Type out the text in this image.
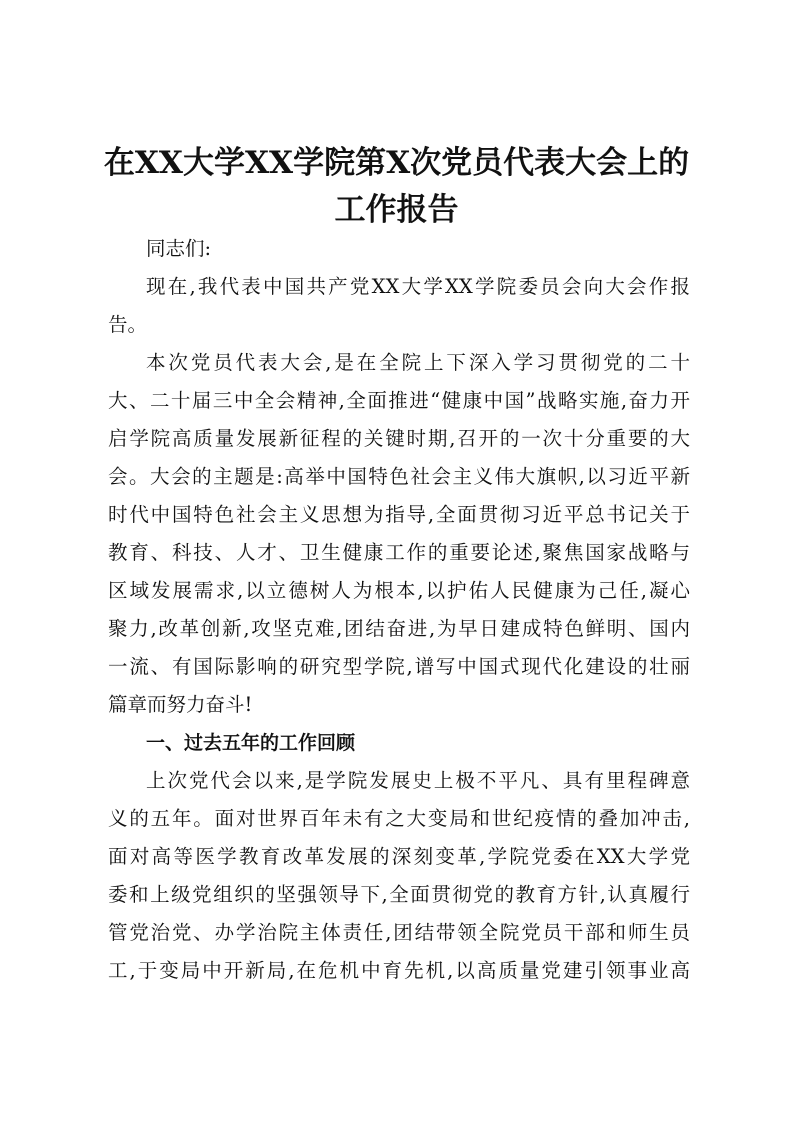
在XX大学XX学院第X次党员代表大会上的
工作报告
同志们:
现在,我代表中国共产党XX大学XX学院委员会向大会作报
告。
本次党员代表大会,是在全院上下深入学习贯彻党的二十
大、二十届三中全会精神,全面推进“健康中国”战略实施,奋力开
启学院高质量发展新征程的关键时期,召开的一次十分重要的大
会。大会的主题是:高举中国特色社会主义伟大旗帜,以习近平新
时代中国特色社会主义思想为指导,全面贯彻习近平总书记关于
教育、科技、人才、卫生健康工作的重要论述,聚焦国家战略与
区域发展需求,以立德树人为根本,以护佑人民健康为己任,凝心
聚力,改革创新,攻坚克难,团结奋进,为早日建成特色鲜明、国内
一流、有国际影响的研究型学院,谱写中国式现代化建设的壮丽
篇章而努力奋斗!
一、过去五年的工作回顾
上次党代会以来,是学院发展史上极不平凡、具有里程碑意
义的五年。面对世界百年未有之大变局和世纪疫情的叠加冲击,
面对高等医学教育改革发展的深刻变革,学院党委在XX大学党
委和上级党组织的坚强领导下,全面贯彻党的教育方针,认真履行
管党治党、办学治院主体责任,团结带领全院党员干部和师生员
工,于变局中开新局,在危机中育先机,以高质量党建引领事业高
